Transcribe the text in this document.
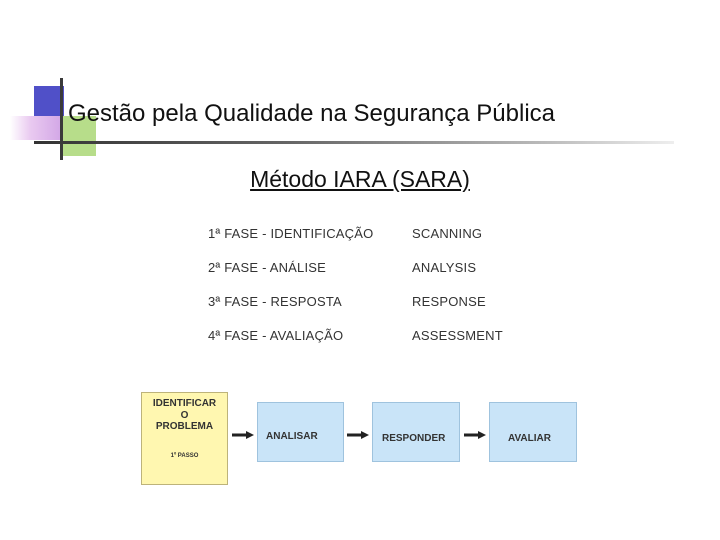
Gestão pela Qualidade na Segurança Pública
Método IARA (SARA)
1ª FASE - IDENTIFICAÇÃO	SCANNING
2ª FASE - ANÁLISE	ANALYSIS
3ª FASE - RESPOSTA	RESPONSE
4ª FASE - AVALIAÇÃO	ASSESSMENT
IDENTIFICAR
O
PROBLEMA
1º PASSO
ANALISAR	RESPONDER	AVALIAR
